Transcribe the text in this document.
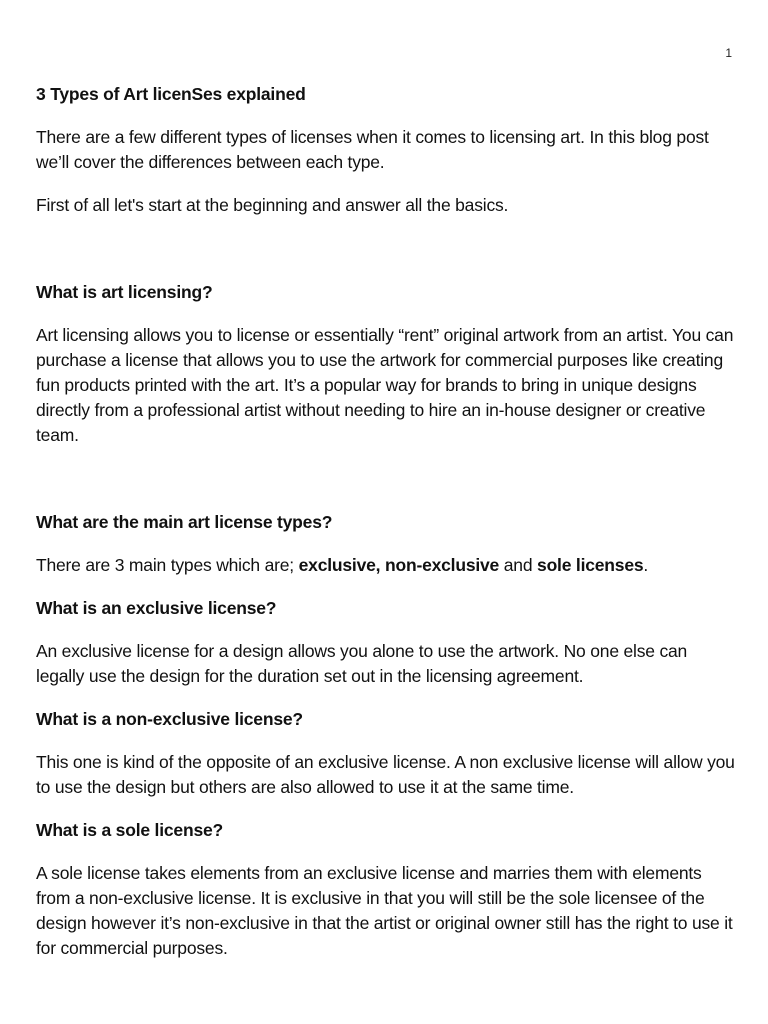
1
3 Types of Art licenSes explained

There are a few different types of licenses when it comes to licensing art. In this blog post we’ll cover the differences between each type.

First of all let's start at the beginning and answer all the basics.

What is art licensing?

Art licensing allows you to license or essentially “rent” original artwork from an artist. You can purchase a license that allows you to use the artwork for commercial purposes like creating fun products printed with the art. It’s a popular way for brands to bring in unique designs directly from a professional artist without needing to hire an in-house designer or creative team.

What are the main art license types?

There are 3 main types which are; exclusive, non-exclusive and sole licenses.

What is an exclusive license?

An exclusive license for a design allows you alone to use the artwork. No one else can legally use the design for the duration set out in the licensing agreement.

What is a non-exclusive license?

This one is kind of the opposite of an exclusive license. A non exclusive license will allow you to use the design but others are also allowed to use it at the same time.

What is a sole license?

A sole license takes elements from an exclusive license and marries them with elements from a non-exclusive license. It is exclusive in that you will still be the sole licensee of the design however it’s non-exclusive in that the artist or original owner still has the right to use it for commercial purposes.
